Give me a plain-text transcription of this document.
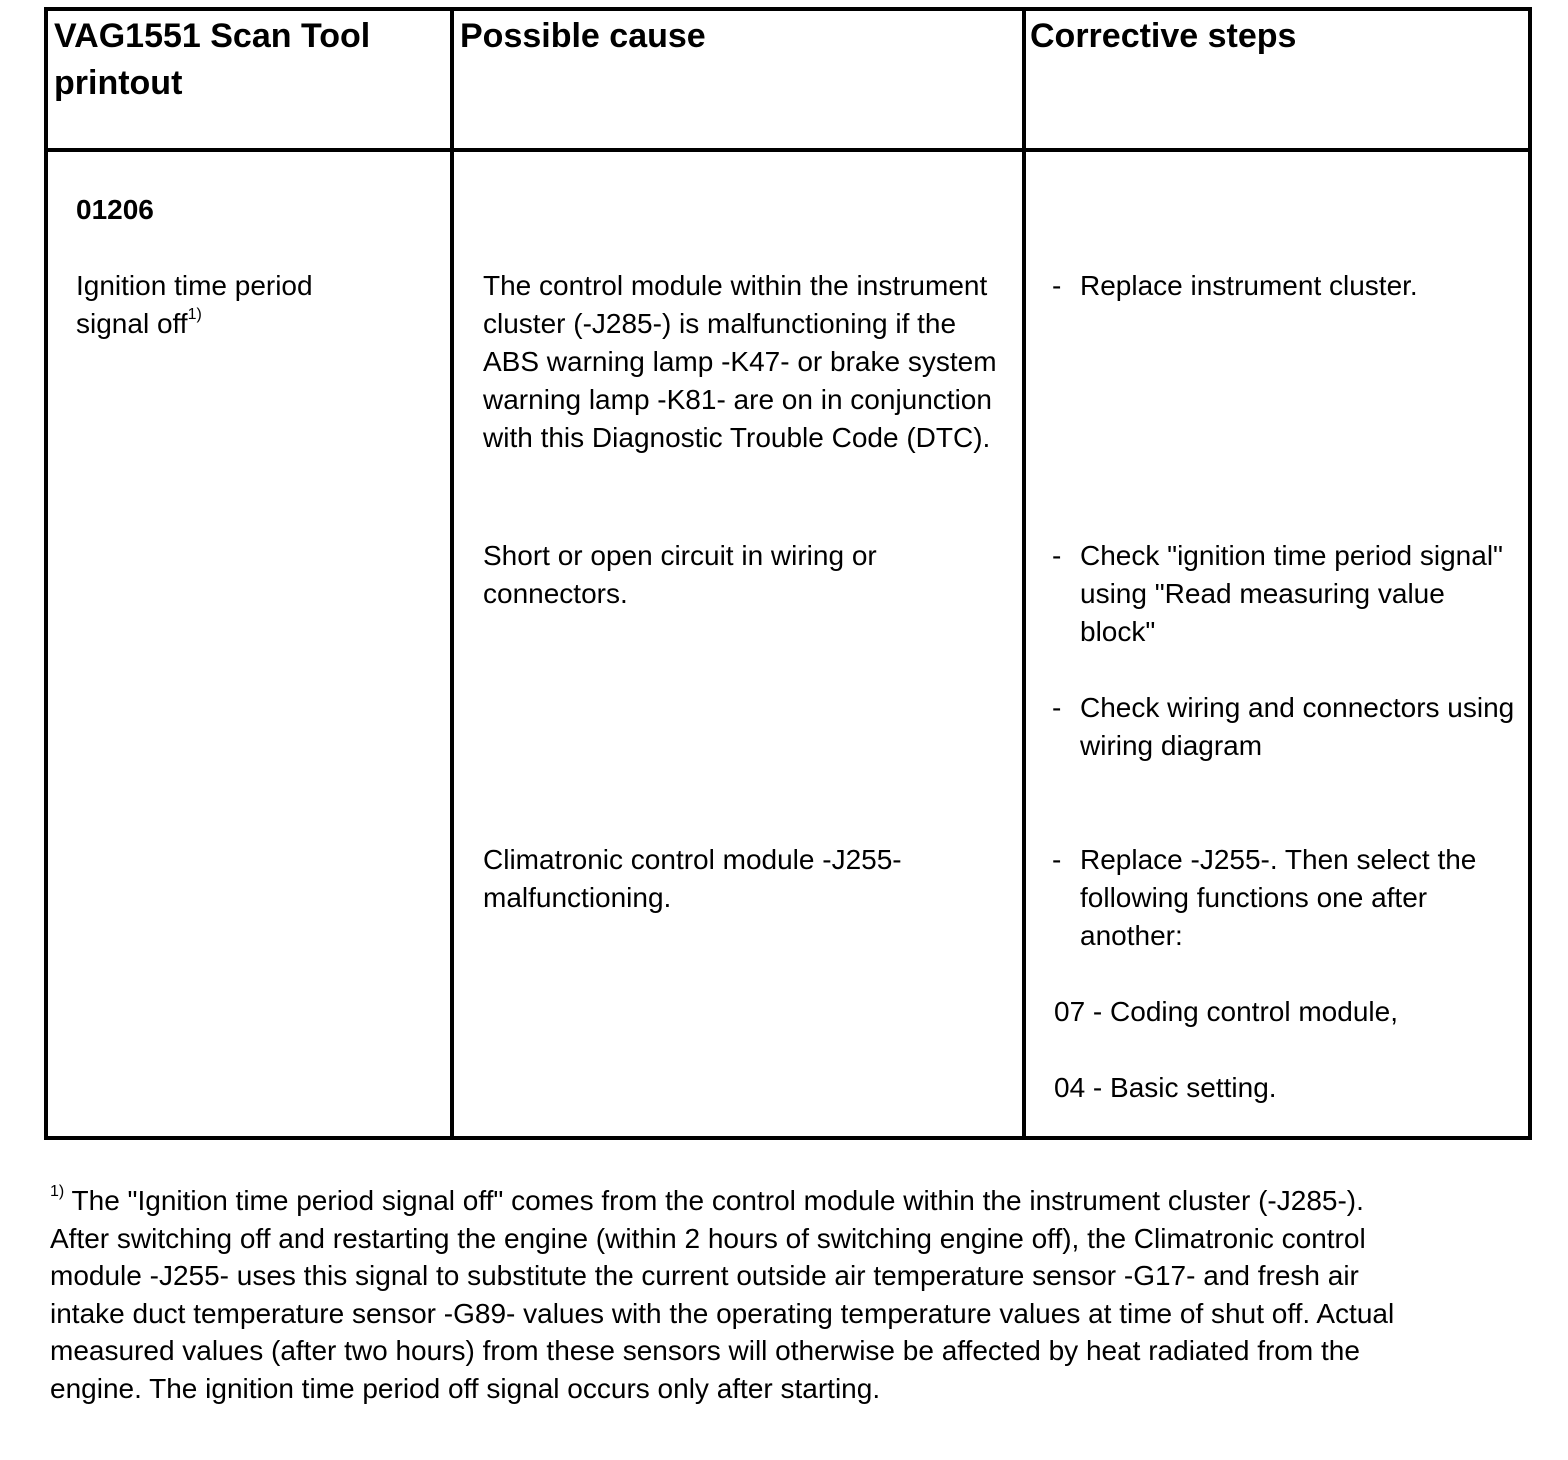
VAG1551 Scan Tool printout
Possible cause	Corrective steps
01206
Ignition time period signal off$^{1)}$
The control module within the instrument cluster (-J285-) is malfunctioning if the ABS warning lamp -K47- or brake system warning lamp -K81- are on in conjunction with this Diagnostic Trouble Code (DTC).
Short or open circuit in wiring or connectors.
Climatronic control module -J255- malfunctioning.
- Replace instrument cluster.
- Check "ignition time period signal" using "Read measuring value block"
- Check wiring and connectors using wiring diagram
- Replace -J255-. Then select the following functions one after another:
07 - Coding control module,
04 - Basic setting.
$^{1)}$ The "Ignition time period signal off" comes from the control module within the instrument cluster (-J285-). After switching off and restarting the engine (within 2 hours of switching engine off), the Climatronic control module -J255- uses this signal to substitute the current outside air temperature sensor -G17- and fresh air intake duct temperature sensor -G89- values with the operating temperature values at time of shut off. Actual measured values (after two hours) from these sensors will otherwise be affected by heat radiated from the engine. The ignition time period off signal occurs only after starting.
